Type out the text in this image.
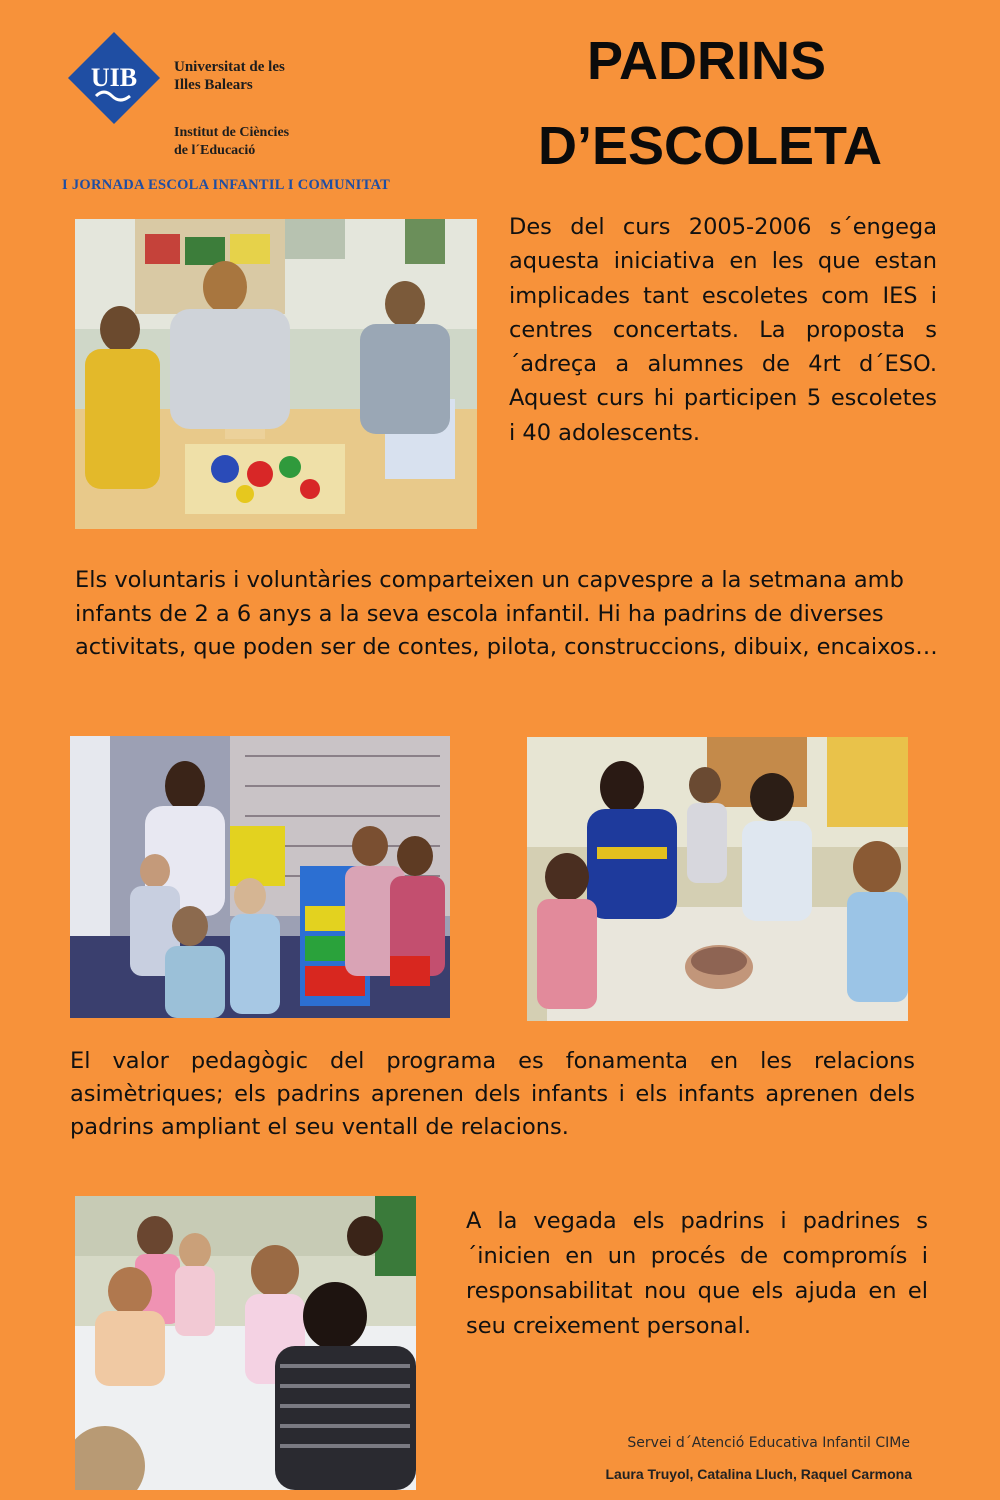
UIB Universitat de les
Illes Balears
Institut de Ciències
de l´Educació
I JORNADA ESCOLA INFANTIL I COMUNITAT
PADRINS
D’ESCOLETA
Des del curs 2005-2006 s´engega aquesta iniciativa en les que estan implicades tant escoletes com IES i centres concertats. La proposta s´adreça a alumnes de 4rt d´ESO. Aquest curs hi participen 5 escoletes i 40 adolescents.
Els voluntaris i voluntàries comparteixen un capvespre a la setmana amb infants de 2 a 6 anys a la seva escola infantil. Hi ha padrins de diverses activitats, que poden ser de contes, pilota, construccions, dibuix, encaixos…
El valor pedagògic del programa es fonamenta en les relacions asimètriques; els padrins aprenen dels infants i els infants aprenen dels padrins ampliant el seu ventall de relacions.
A la vegada els padrins i padrines s´inicien en un procés de compromís i responsabilitat nou que els ajuda en el seu creixement personal.
Servei d´Atenció Educativa Infantil CIMe
Laura Truyol, Catalina Lluch, Raquel Carmona
